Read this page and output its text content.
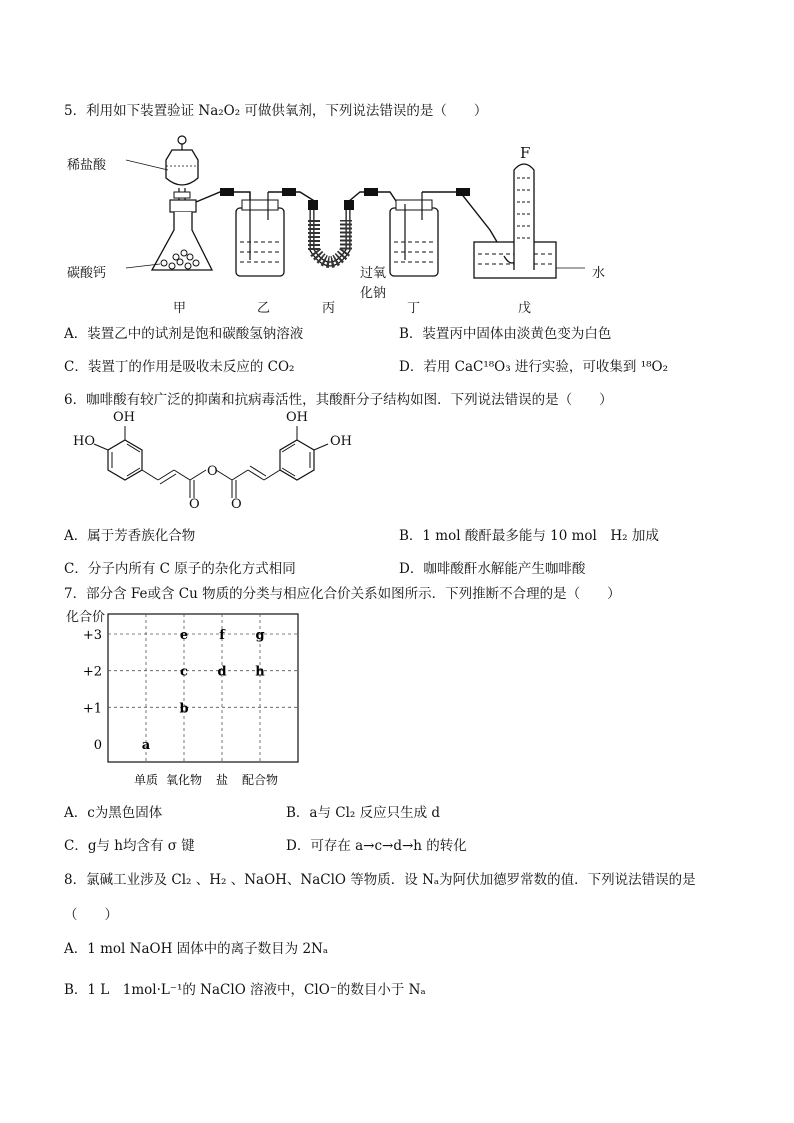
5．利用如下装置验证 Na₂O₂ 可做供氧剂，下列说法错误的是（　　）
稀盐酸
碳酸钙	过氧
化钠
F
水
甲	乙	丙	丁	戊
A．装置乙中的试剂是饱和碳酸氢钠溶液	B．装置丙中固体由淡黄色变为白色
C．装置丁的作用是吸收未反应的 CO₂	D．若用 CaC¹⁸O₃ 进行实验，可收集到 ¹⁸O₂
6．咖啡酸有较广泛的抑菌和抗病毒活性，其酸酐分子结构如图．下列说法错误的是（　　）
OH
HO
OH
OH
O
O O
A．属于芳香族化合物	B．1 mol 酸酐最多能与 10 mol　H₂ 加成
C．分子内所有 C 原子的杂化方式相同	D．咖啡酸酐水解能产生咖啡酸
7．部分含 Fe或含 Cu 物质的分类与相应化合价关系如图所示．下列推断不合理的是（　　）
化合价
+3
+2
+1
0
单质 氧化物 盐 配合物
a
b
c
e
d
f
h
g
A．c为黑色固体	B．a与 Cl₂ 反应只生成 d
C．g与 h均含有 σ 键	D．可存在 a→c→d→h 的转化
8．氯碱工业涉及 Cl₂ 、H₂ 、NaOH、NaClO 等物质．设 Nₐ为阿伏加德罗常数的值．下列说法错误的是
（　　）
A．1 mol NaOH 固体中的离子数目为 2Nₐ
B．1 L　1mol·L⁻¹的 NaClO 溶液中，ClO⁻的数目小于 Nₐ
